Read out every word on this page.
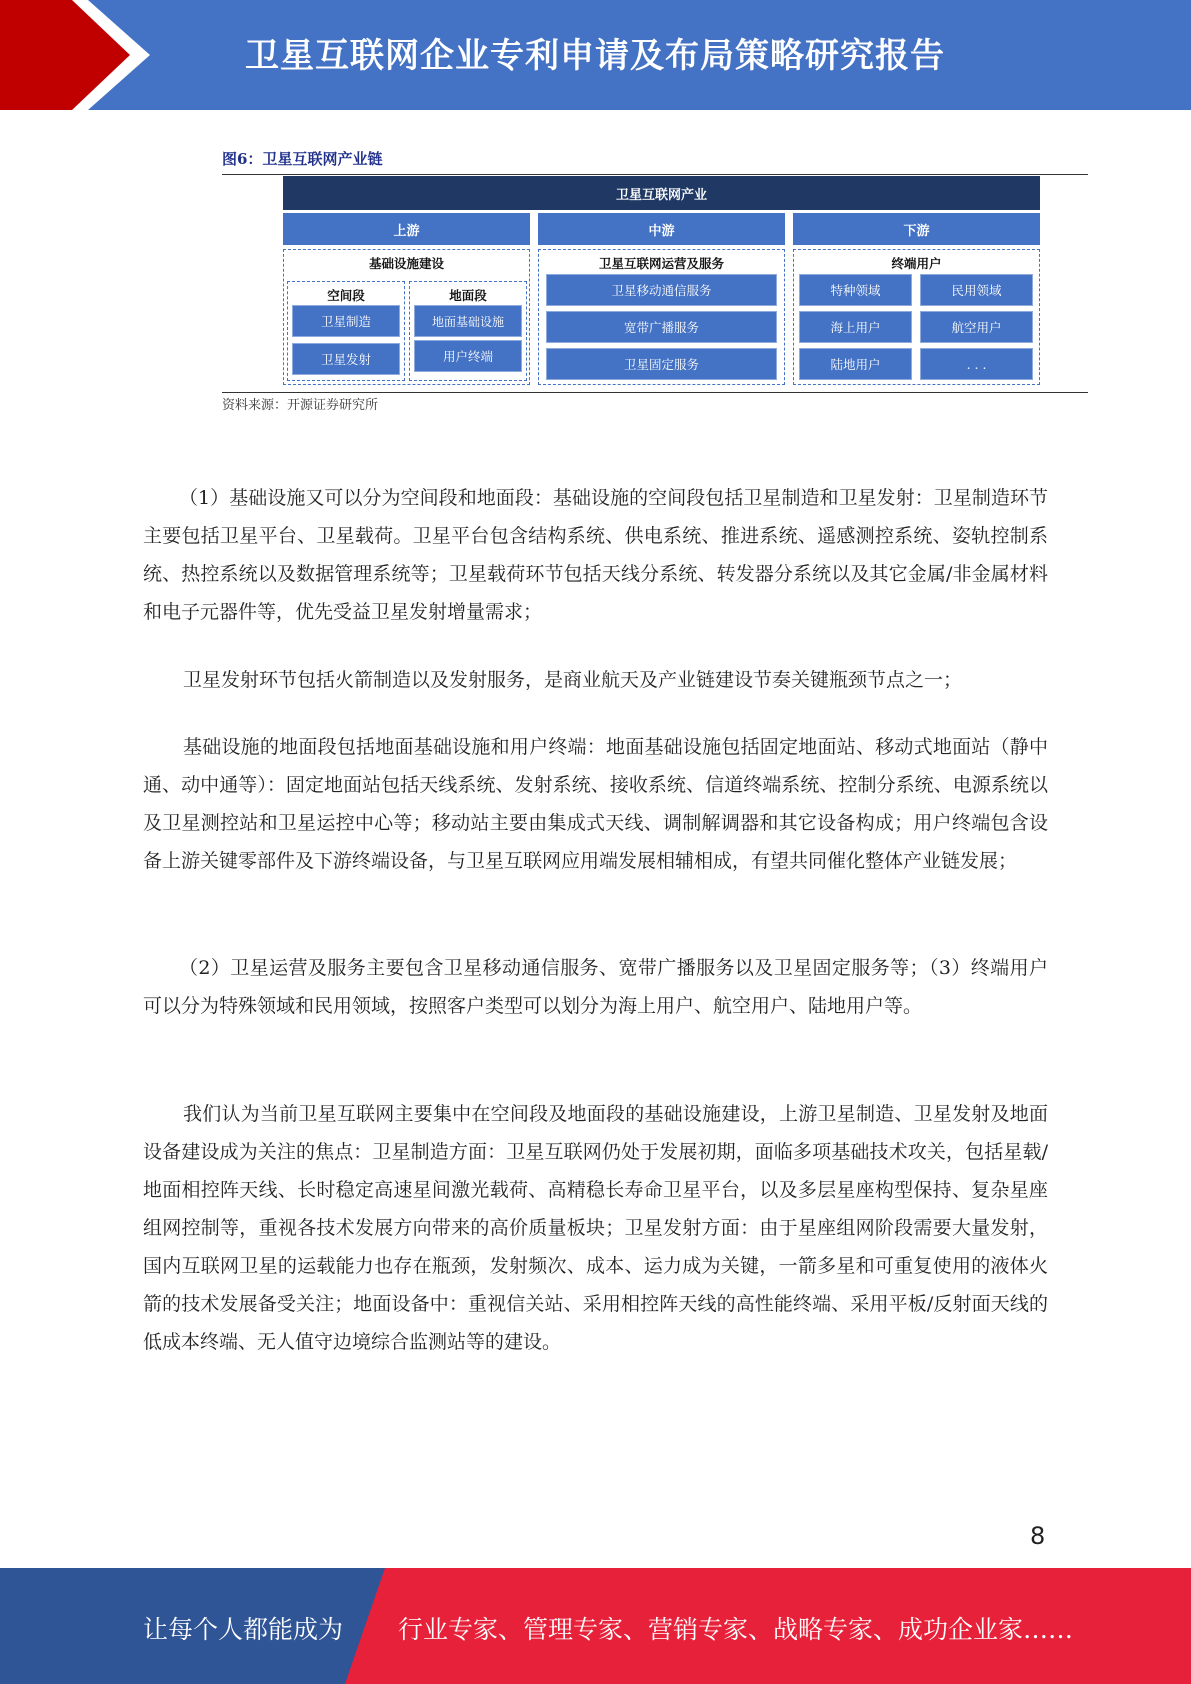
卫星互联网企业专利申请及布局策略研究报告
图6：卫星互联网产业链
卫星互联网产业
上游	中游	下游
基础设施建设
空间段
卫星制造
卫星发射
地面段
地面基础设施
用户终端
卫星互联网运营及服务
卫星移动通信服务
宽带广播服务
卫星固定服务
终端用户
特种领域	民用领域
海上用户	航空用户
陆地用户	. . .
资料来源：开源证券研究所

（1）基础设施又可以分为空间段和地面段：基础设施的空间段包括卫星制造和卫星发射：卫星制造环节主要包括卫星平台、卫星载荷。卫星平台包含结构系统、供电系统、推进系统、遥感测控系统、姿轨控制系统、热控系统以及数据管理系统等；卫星载荷环节包括天线分系统、转发器分系统以及其它金属/非金属材料和电子元器件等，优先受益卫星发射增量需求；

卫星发射环节包括火箭制造以及发射服务，是商业航天及产业链建设节奏关键瓶颈节点之一；

基础设施的地面段包括地面基础设施和用户终端：地面基础设施包括固定地面站、移动式地面站（静中通、动中通等）：固定地面站包括天线系统、发射系统、接收系统、信道终端系统、控制分系统、电源系统以及卫星测控站和卫星运控中心等；移动站主要由集成式天线、调制解调器和其它设备构成；用户终端包含设备上游关键零部件及下游终端设备，与卫星互联网应用端发展相辅相成，有望共同催化整体产业链发展；

（2）卫星运营及服务主要包含卫星移动通信服务、宽带广播服务以及卫星固定服务等；（3）终端用户可以分为特殊领域和民用领域，按照客户类型可以划分为海上用户、航空用户、陆地用户等。

我们认为当前卫星互联网主要集中在空间段及地面段的基础设施建设，上游卫星制造、卫星发射及地面设备建设成为关注的焦点：卫星制造方面：卫星互联网仍处于发展初期，面临多项基础技术攻关，包括星载/地面相控阵天线、长时稳定高速星间激光载荷、高精稳长寿命卫星平台，以及多层星座构型保持、复杂星座组网控制等，重视各技术发展方向带来的高价质量板块；卫星发射方面：由于星座组网阶段需要大量发射，国内互联网卫星的运载能力也存在瓶颈，发射频次、成本、运力成为关键，一箭多星和可重复使用的液体火箭的技术发展备受关注；地面设备中：重视信关站、采用相控阵天线的高性能终端、采用平板/反射面天线的低成本终端、无人值守边境综合监测站等的建设。

8
让每个人都能成为 行业专家、管理专家、营销专家、战略专家、成功企业家……
